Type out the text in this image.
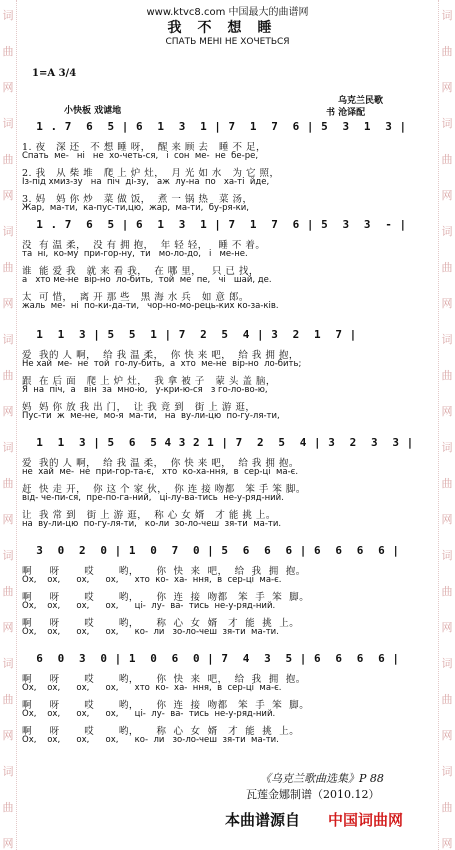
词
曲
网
词
曲
网
词
曲
网
词
曲
网
词
曲
网
词
曲
网
词
曲
网
词
曲
网
词
曲
网
词
曲
网
词
曲
网
词
曲
网
词
曲
网
词
曲
网
词
曲
网
词
曲
网
www.ktvc8.com 中国最大的曲谱网
我不想睡
СПАТЬ МЕНІ НЕ ХОЧЕТЬСЯ
1=A 3/4
乌克兰民歌
小快板 戏谑地	书 沧译配
1 . 7  6  5 | 6  1  3  1 | 7  1  7  6 | 5  3  1  3 |
1. 夜   深 还   不 想 睡 呀，  醒 来 顾 去   睡 不 足，
Спать  ме-   ні   не  хо-четь-ся,   і  сон  ме-  не  бе-ре,
2. 我   从 柴 堆   爬 上 炉 灶，  月 光 如 水   为 它 照，
Із-під хмиз-зу   на  піч  ді-зу,   аж  лу-на  по   ха-ті  йде,
3. 妈   妈 你 炒   菜 做 饭，  煮 一 锅 热   菜 汤，
Жар,  ма-ти,  ка-пус-ти,цю,  жар,  ма-ти,  бу-ря-ки,
1 . 7  6  5 | 6  1  3  1 | 7  1  7  6 | 5  3  3  - |
没  有 温 柔，  没 有 拥 抱，  年 轻 轻，   睡 不 着。
та  ні,  ко-му  при-гор-ну,  ти   мо-ло-до,   і   ме-не.
谁  能 爱 我   就 来 看 我，  在 哪 里，   只 已 找，
а   хто ме-не  вір-но  ло-бить,  той  ме  пе,   чі   шай, де.
太  可 惜，  离 开 那 些   黑 海 水 兵   如 意 郎。
жаль  ме-  ні  по-ки-да-ти,   чор-но-мо-рець-ких ко-за-ків.
1  1  3 | 5  5  1 | 7  2  5  4 | 3  2  1  7 |
爱  我的 人 啊，  给 我 温 柔，  你 快 来 吧，  给 我 拥 抱，
Не хай  ме-  не  той  го-лу-бить,  а  хто  ме-не  вір-но  ло-бить;
跟  在 后 面   爬 上 炉 灶，  我 拿 被 子   蒙 头 盖 脑，
Я  на  піч,  а   він  за  мно-ю,   у-кри-ю-ся   з го-ло-во-ю,
妈  妈 你 放 我 出 门，  让 我 竟 到   街 上 游 逛，
Пус-ти  ж  ме-не,  мо-я  ма-ти,   на  ву-ли-цю  по-гу-ля-ти,
1  1  3 | 5  6  5 4 3 2 1 | 7  2  5  4 | 3  2  3  3 |
爱  我的 人 啊，  给 我 温 柔，  你 快 来 吧，  给 我 拥 抱。
не  хай  ме-  не  при-гор-та-є,   хто  ко-ха-ння,  в  сер-ці  ма-є.
赶  快 走 开，  你 这 个 家 伙，  你 连 接 吻都   笨 手 笨 脚。
від- че-пи-ся,  пре-по-га-ний,   ці-лу-ва-тись  не-у-ряд-ний.
让  我 常 到   街 上 游 逛，  称 心 女 婿   才 能 挑 上。
на  ву-ли-цю  по-гу-ля-ти,   ко-ли  зо-ло-чеш  зя-ти  ма-ти.
3  0  2  0 | 1  0  7  0 | 5  6  6  6 | 6  6  6  6 |
啊     呀       哎       哟，     你  快  来  吧，  给  我  拥  抱。
Ох,    ох,      ох,      ох,      хто  ко-  ха-  ння,  в  сер-ці  ма-є.
啊     呀       哎       哟，     你  连  接  吻都   笨  手  笨  脚。
Ох,    ох,      ох,      ох,      ці-  лу-  ва-  тись  не-у-ряд-ний.
啊     呀       哎       哟，     称  心  女  婿   才  能  挑  上。
Ох,    ох,      ох,      ох,      ко-  ли   зо-ло-чеш  зя-ти  ма-ти.
6  0  3  0 | 1  0  6  0 | 7  4  3  5 | 6  6  6  6 |
啊     呀       哎       哟，     你  快  来  吧，  给  我  拥  抱。
Ох,    ох,      ох,      ох,      хто  ко-  ха-  ння,  в  сер-ці  ма-є.
啊     呀       哎       哟，     你  连  接  吻都   笨  手  笨  脚。
Ох,    ох,      ох,      ох,      ці-  лу-  ва-  тись  не-у-ряд-ний.
啊     呀       哎       哟，     称  心  女  婿   才  能  挑  上。
Ох,    ох,      ох,      ох,      ко-  ли   зо-ло-чеш  зя-ти  ма-ти.
《乌克兰歌曲选集》P 88
瓦莲金娜制谱（2010.12）
本曲谱源自 中国词曲网
